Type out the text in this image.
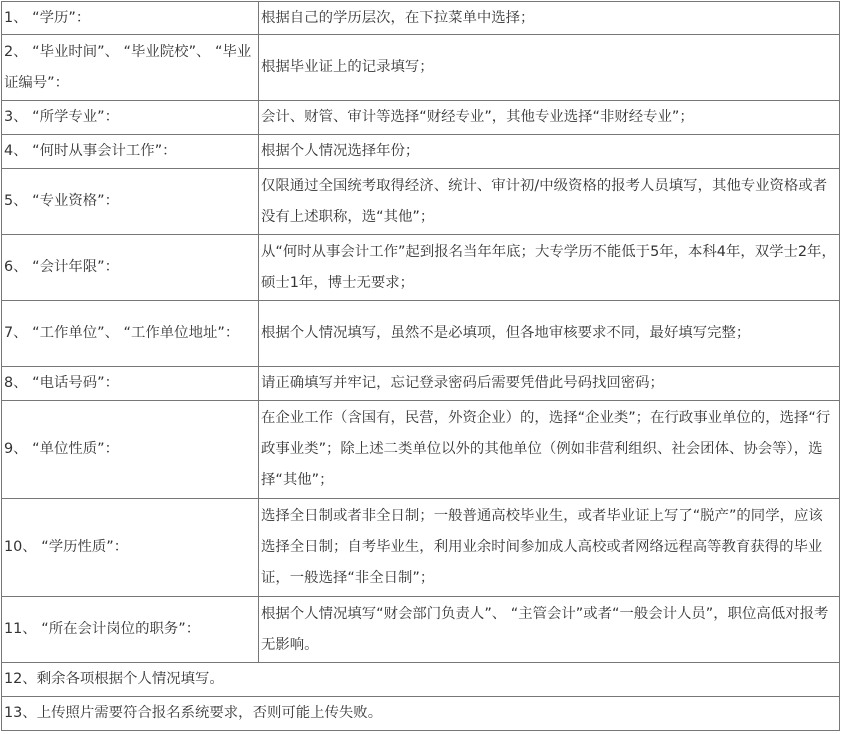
1、 “学历”：	根据自己的学历层次，在下拉菜单中选择；
2、 “毕业时间”、 “毕业院校”、 “毕业证编号”：	根据毕业证上的记录填写；
3、 “所学专业”：	会计、财管、审计等选择“财经专业”，其他专业选择“非财经专业”；
4、 “何时从事会计工作”：	根据个人情况选择年份；
5、 “专业资格”：	仅限通过全国统考取得经济、统计、审计初/中级资格的报考人员填写，其他专业资格或者没有上述职称，选“其他”；
6、 “会计年限”：	从“何时从事会计工作”起到报名当年年底；大专学历不能低于5年，本科4年，双学士2年，硕士1年，博士无要求；
7、 “工作单位”、 “工作单位地址”：	根据个人情况填写，虽然不是必填项，但各地审核要求不同，最好填写完整；
8、 “电话号码”：	请正确填写并牢记，忘记登录密码后需要凭借此号码找回密码；
9、 “单位性质”：	在企业工作（含国有，民营，外资企业）的，选择“企业类”；在行政事业单位的，选择“行政事业类”；除上述二类单位以外的其他单位（例如非营利组织、社会团体、协会等），选择“其他”；
10、 “学历性质”：	选择全日制或者非全日制；一般普通高校毕业生，或者毕业证上写了“脱产”的同学，应该选择全日制；自考毕业生，利用业余时间参加成人高校或者网络远程高等教育获得的毕业证，一般选择“非全日制”；
11、 “所在会计岗位的职务”：	根据个人情况填写“财会部门负责人”、 “主管会计”或者“一般会计人员”，职位高低对报考无影响。
12、剩余各项根据个人情况填写。	
13、上传照片需要符合报名系统要求，否则可能上传失败。	
